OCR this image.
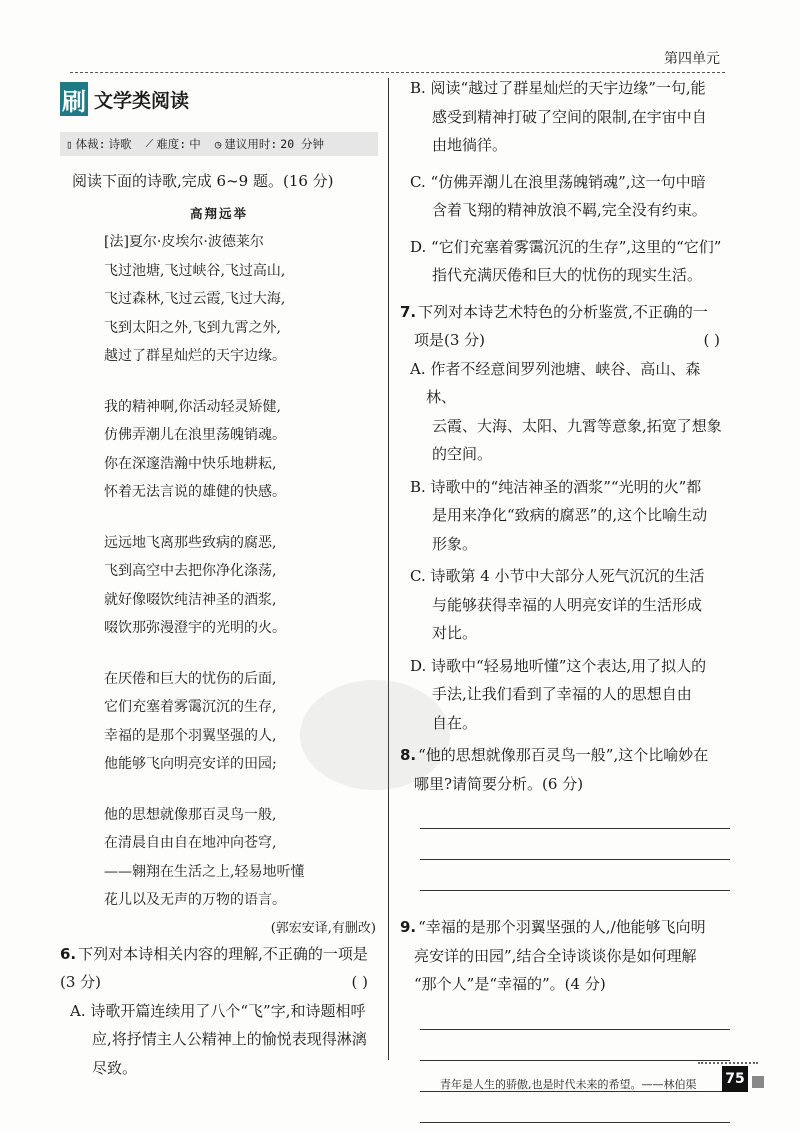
第四单元
刷 文学类阅读
▯ 体裁: 诗歌 ⟋ 难度: 中 ◷ 建议用时: 20 分钟
阅读下面的诗歌,完成 6~9 题。(16 分)
高翔远举
[法]夏尔·皮埃尔·波德莱尔
飞过池塘,飞过峡谷,飞过高山,
飞过森林,飞过云霞,飞过大海,
飞到太阳之外,飞到九霄之外,
越过了群星灿烂的天宇边缘。
我的精神啊,你活动轻灵矫健,
仿佛弄潮儿在浪里荡魄销魂。
你在深邃浩瀚中快乐地耕耘,
怀着无法言说的雄健的快感。
远远地飞离那些致病的腐恶,
飞到高空中去把你净化涤荡,
就好像啜饮纯洁神圣的酒浆,
啜饮那弥漫澄宇的光明的火。
在厌倦和巨大的忧伤的后面,
它们充塞着雾霭沉沉的生存,
幸福的是那个羽翼坚强的人,
他能够飞向明亮安详的田园;
他的思想就像那百灵鸟一般,
在清晨自由自在地冲向苍穹,
——翱翔在生活之上,轻易地听懂
花儿以及无声的万物的语言。
(郭宏安译,有删改)
6. 下列对本诗相关内容的理解,不正确的一项是
(3 分)	( )
A. 诗歌开篇连续用了八个“飞”字,和诗题相呼
应,将抒情主人公精神上的愉悦表现得淋漓
尽致。
B. 阅读“越过了群星灿烂的天宇边缘”一句,能
感受到精神打破了空间的限制,在宇宙中自
由地徜徉。
C. “仿佛弄潮儿在浪里荡魄销魂”,这一句中暗
含着飞翔的精神放浪不羁,完全没有约束。
D. “它们充塞着雾霭沉沉的生存”,这里的“它们”
指代充满厌倦和巨大的忧伤的现实生活。
7. 下列对本诗艺术特色的分析鉴赏,不正确的一
项是(3 分)	( )
A. 作者不经意间罗列池塘、峡谷、高山、森林、
云霞、大海、太阳、九霄等意象,拓宽了想象
的空间。
B. 诗歌中的“纯洁神圣的酒浆”“光明的火”都
是用来净化“致病的腐恶”的,这个比喻生动
形象。
C. 诗歌第 4 小节中大部分人死气沉沉的生活
与能够获得幸福的人明亮安详的生活形成
对比。
D. 诗歌中“轻易地听懂”这个表达,用了拟人的
手法,让我们看到了幸福的人的思想自由
自在。
8. “他的思想就像那百灵鸟一般”,这个比喻妙在
哪里?请简要分析。(6 分)
9. “幸福的是那个羽翼坚强的人,/他能够飞向明
亮安详的田园”,结合全诗谈谈你是如何理解
“那个人”是“幸福的”。(4 分)
青年是人生的骄傲,也是时代未来的希望。——林伯渠 75
